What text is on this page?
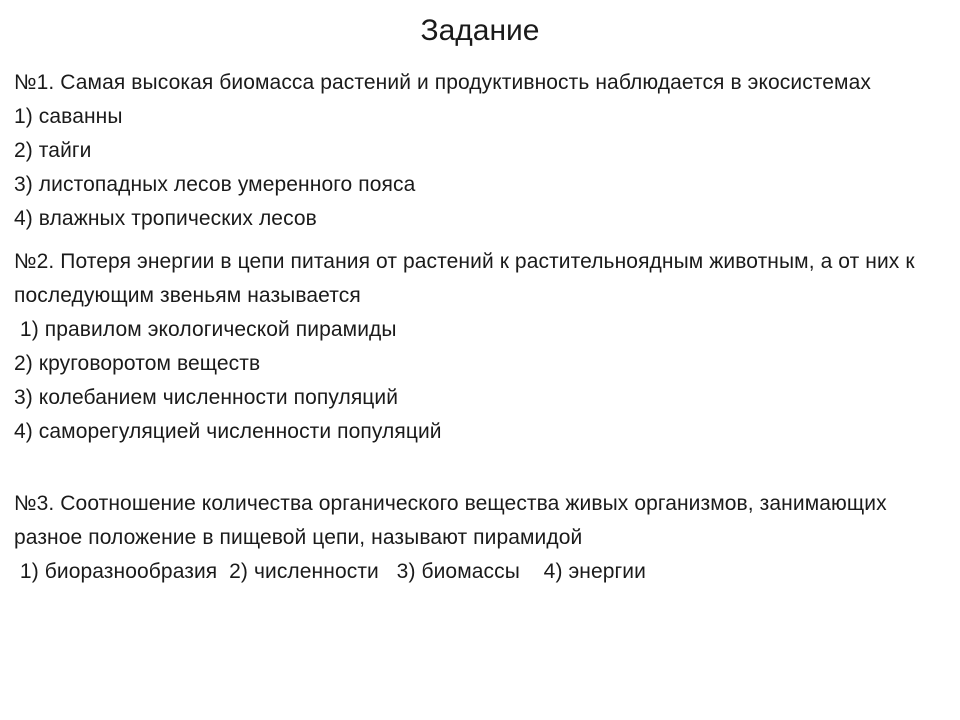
Задание
№1. Самая высокая биомасса растений и продуктивность наблюдается в экосистемах
1) саванны
2) тайги
3) листопадных лесов умеренного пояса
4) влажных тропических лесов
№2. Потеря энергии в цепи питания от растений к растительноядным животным, а от них к последующим звеньям называется
1) правилом экологической пирамиды
2) круговоротом веществ
3) колебанием численности популяций
4) саморегуляцией численности популяций
№3. Соотношение количества органического вещества живых организмов, занимающих разное положение в пищевой цепи, называют пирамидой
1) биоразнообразия  2) численности   3) биомассы    4) энергии
